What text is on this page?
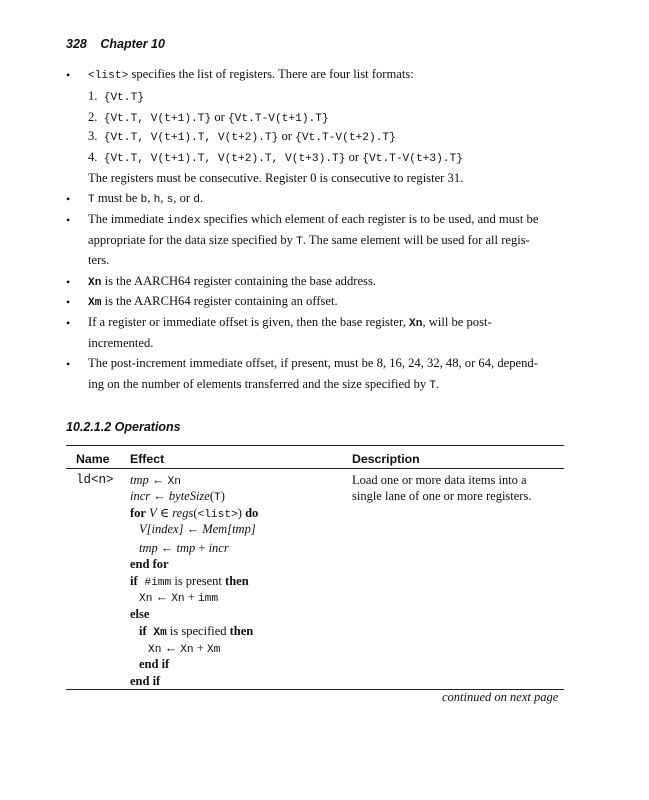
328 Chapter 10
• <list> specifies the list of registers. There are four list formats:
1. {Vt.T}
2. {Vt.T, V(t+1).T} or {Vt.T-V(t+1).T}
3. {Vt.T, V(t+1).T, V(t+2).T} or {Vt.T-V(t+2).T}
4. {Vt.T, V(t+1).T, V(t+2).T, V(t+3).T} or {Vt.T-V(t+3).T}
The registers must be consecutive. Register 0 is consecutive to register 31.
• T must be b, h, s, or d.
• The immediate index specifies which element of each register is to be used, and must be
appropriate for the data size specified by T. The same element will be used for all regis-
ters.
• Xn is the AARCH64 register containing the base address.
• Xm is the AARCH64 register containing an offset.
• If a register or immediate offset is given, then the base register, Xn, will be post-
incremented.
• The post-increment immediate offset, if present, must be 8, 16, 24, 32, 48, or 64, depend-
ing on the number of elements transferred and the size specified by T.
10.2.1.2 Operations
Name Effect	Description
ld<n> tmp ← Xn
incr ← byteSize(T)
for V ∈ regs(<list>) do
V[index] ← Mem[tmp]
tmp ← tmp + incr
end for
if #imm is present then
Xn ← Xn + imm
else
if Xm is specified then
Xn ← Xn + Xm
end if
end if
Load one or more data items into a
single lane of one or more registers.
continued on next page
